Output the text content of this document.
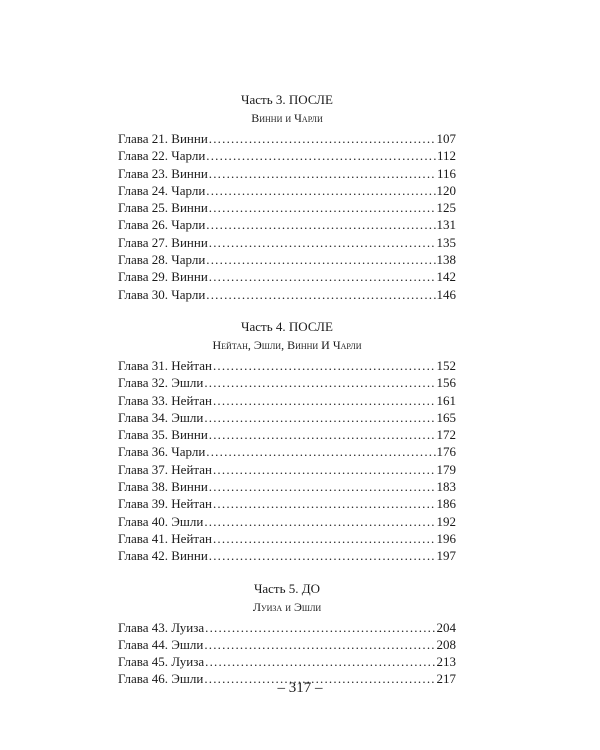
Часть 3. ПОСЛЕ
Винни и Чарли
Глава 21. Винни .....	107
Глава 22. Чарли .....	112
Глава 23. Винни .....	116
Глава 24. Чарли .....	120
Глава 25. Винни .....	125
Глава 26. Чарли .....	131
Глава 27. Винни .....	135
Глава 28. Чарли .....	138
Глава 29. Винни .....	142
Глава 30. Чарли .....	146
Часть 4. ПОСЛЕ
Нейтан, Эшли, Винни И Чарли
Глава 31. Нейтан .....	152
Глава 32. Эшли .....	156
Глава 33. Нейтан .....	161
Глава 34. Эшли .....	165
Глава 35. Винни .....	172
Глава 36. Чарли .....	176
Глава 37. Нейтан .....	179
Глава 38. Винни .....	183
Глава 39. Нейтан .....	186
Глава 40. Эшли .....	192
Глава 41. Нейтан .....	196
Глава 42. Винни .....	197
Часть 5. ДО
Луиза и Эшли
Глава 43. Луиза .....	204
Глава 44. Эшли .....	208
Глава 45. Луиза .....	213
Глава 46. Эшли .....	217
– 317 –
